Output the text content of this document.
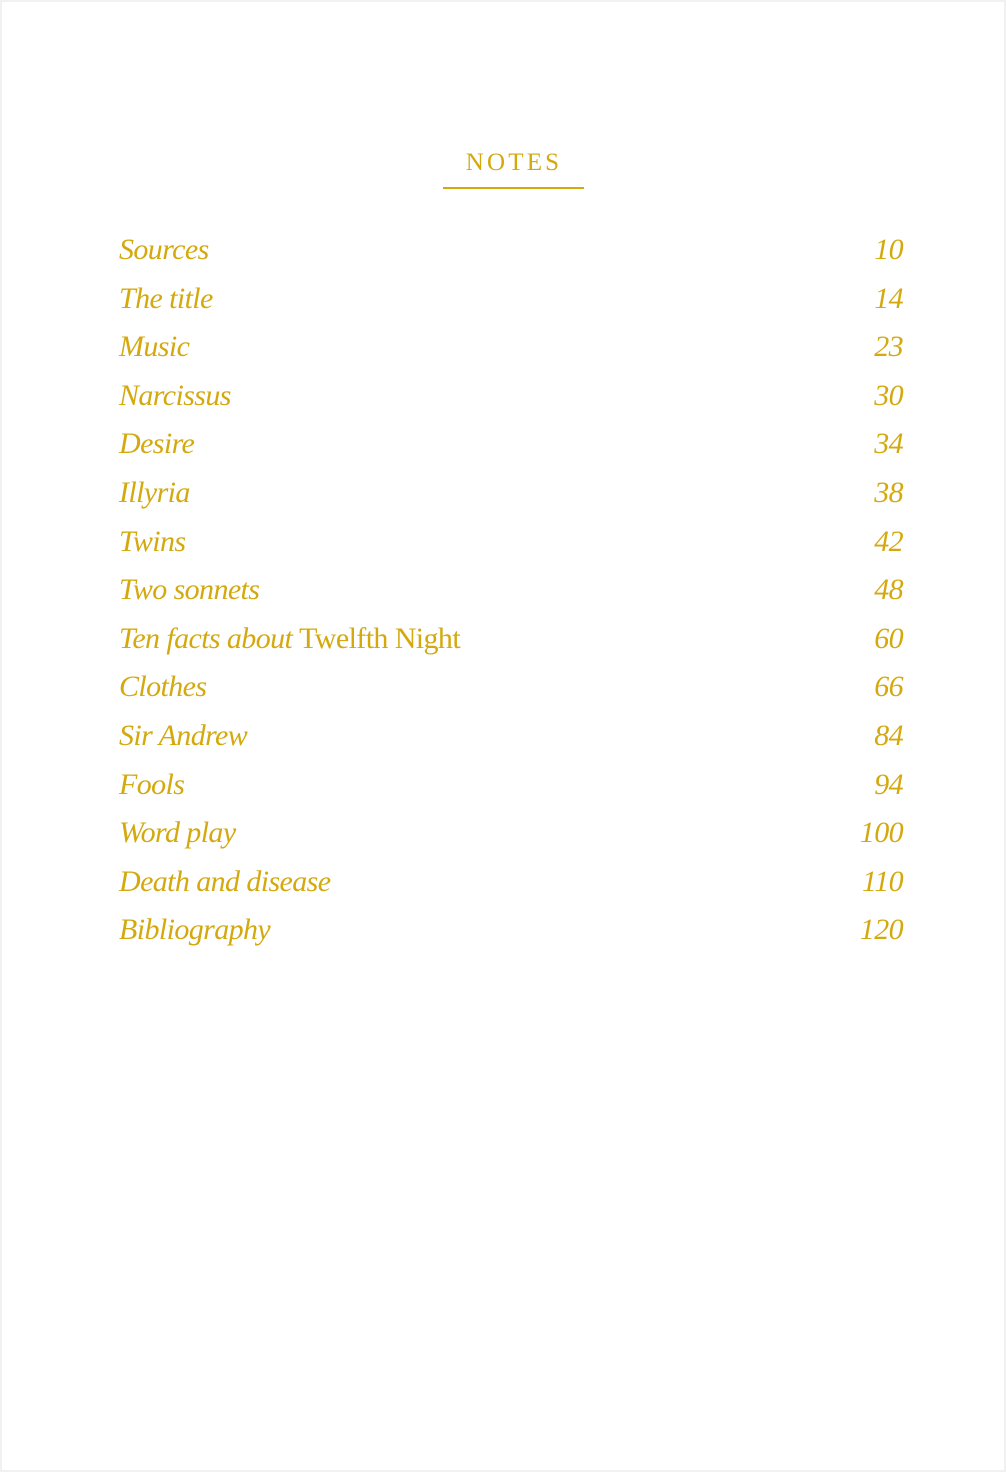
NOTES
Sources	10
The title	14
Music	23
Narcissus	30
Desire	34
Illyria	38
Twins	42
Two sonnets	48
Ten facts about Twelfth Night	60
Clothes	66
Sir Andrew	84
Fools	94
Word play	100
Death and disease	110
Bibliography	120
